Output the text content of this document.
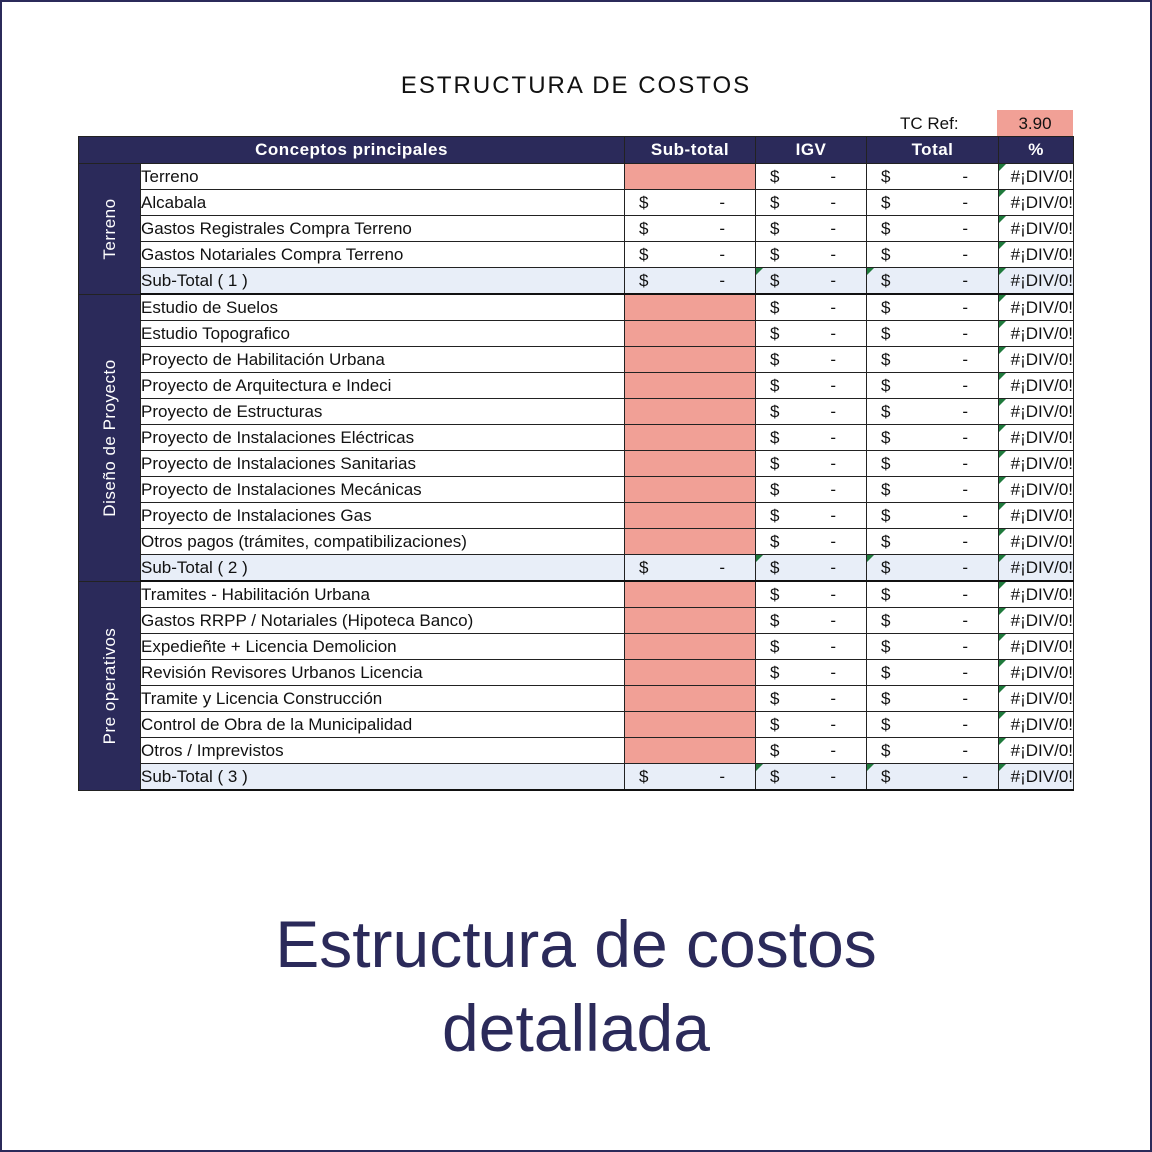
ESTRUCTURA DE COSTOS
TC Ref:	3.90
Conceptos principales		Sub-total	IGV	Total	%

Terreno	Terreno		$ -	$ -	#¡DIV/0!
	Alcabala	$ -	$ -	$ -	#¡DIV/0!
	Gastos Registrales Compra Terreno	$ -	$ -	$ -	#¡DIV/0!
	Gastos Notariales Compra Terreno	$ -	$ -	$ -	#¡DIV/0!
	Sub-Total ( 1 )	$ -	$ -	$ -	#¡DIV/0!

Diseño de Proyecto	Estudio de Suelos		$ -	$ -	#¡DIV/0!
	Estudio Topografico		$ -	$ -	#¡DIV/0!
	Proyecto de Habilitación Urbana		$ -	$ -	#¡DIV/0!
	Proyecto de Arquitectura e Indeci		$ -	$ -	#¡DIV/0!
	Proyecto de Estructuras		$ -	$ -	#¡DIV/0!
	Proyecto de Instalaciones Eléctricas		$ -	$ -	#¡DIV/0!
	Proyecto de Instalaciones Sanitarias		$ -	$ -	#¡DIV/0!
	Proyecto de Instalaciones Mecánicas		$ -	$ -	#¡DIV/0!
	Proyecto de Instalaciones Gas		$ -	$ -	#¡DIV/0!
	Otros pagos (trámites, compatibilizaciones)		$ -	$ -	#¡DIV/0!
	Sub-Total ( 2 )	$ -	$ -	$ -	#¡DIV/0!

Pre operativos	Tramites - Habilitación Urbana		$ -	$ -	#¡DIV/0!
	Gastos RRPP / Notariales (Hipoteca Banco)		$ -	$ -	#¡DIV/0!
	Expedieñte + Licencia Demolicion		$ -	$ -	#¡DIV/0!
	Revisión Revisores Urbanos Licencia		$ -	$ -	#¡DIV/0!
	Tramite y Licencia Construcción		$ -	$ -	#¡DIV/0!
	Control de Obra de la Municipalidad		$ -	$ -	#¡DIV/0!
	Otros / Imprevistos		$ -	$ -	#¡DIV/0!
	Sub-Total ( 3 )	$ -	$ -	$ -	#¡DIV/0!
Estructura de costos
detallada
